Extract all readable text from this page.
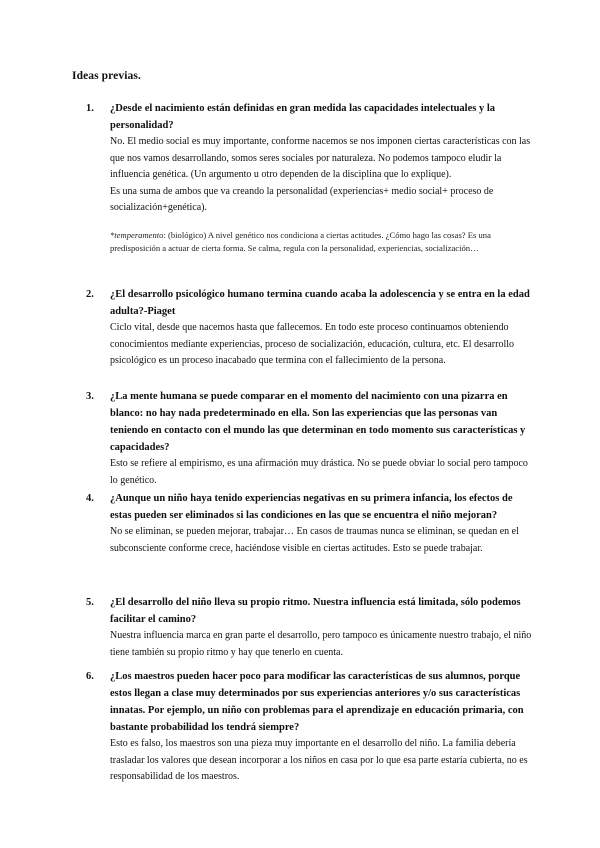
Ideas previas.
1. ¿Desde el nacimiento están definidas en gran medida las capacidades intelectuales y la personalidad?

No. El medio social es muy importante, conforme nacemos se nos imponen ciertas características con las que nos vamos desarrollando, somos seres sociales por naturaleza. No podemos tampoco eludir la influencia genética. (Un argumento u otro dependen de la disciplina que lo explique).

Es una suma de ambos que va creando la personalidad (experiencias+ medio social+ proceso de socialización+genética).

*temperamento: (biológico) A nivel genético nos condiciona a ciertas actitudes. ¿Cómo hago las cosas? Es una predisposición a actuar de cierta forma. Se calma, regula con la personalidad, experiencias, socialización…

2. ¿El desarrollo psicológico humano termina cuando acaba la adolescencia y se entra en la edad adulta?-Piaget

Ciclo vital, desde que nacemos hasta que fallecemos. En todo este proceso continuamos obteniendo conocimientos mediante experiencias, proceso de socialización, educación, cultura, etc. El desarrollo psicológico es un proceso inacabado que termina con el fallecimiento de la persona.

3. ¿La mente humana se puede comparar en el momento del nacimiento con una pizarra en blanco: no hay nada predeterminado en ella. Son las experiencias que las personas van teniendo en contacto con el mundo las que determinan en todo momento sus características y capacidades?

Esto se refiere al empirismo, es una afirmación muy drástica. No se puede obviar lo social pero tampoco lo genético.

4. ¿Aunque un niño haya tenido experiencias negativas en su primera infancia, los efectos de estas pueden ser eliminados si las condiciones en las que se encuentra el niño mejoran?

No se eliminan, se pueden mejorar, trabajar… En casos de traumas nunca se eliminan, se quedan en el subconsciente conforme crece, haciéndose visible en ciertas actitudes. Esto se puede trabajar.

5. ¿El desarrollo del niño lleva su propio ritmo. Nuestra influencia está limitada, sólo podemos facilitar el camino?

Nuestra influencia marca en gran parte el desarrollo, pero tampoco es únicamente nuestro trabajo, el niño tiene también su propio ritmo y hay que tenerlo en cuenta.

6. ¿Los maestros pueden hacer poco para modificar las características de sus alumnos, porque estos llegan a clase muy determinados por sus experiencias anteriores y/o sus características innatas. Por ejemplo, un niño con problemas para el aprendizaje en educación primaria, con bastante probabilidad los tendrá siempre?

Esto es falso, los maestros son una pieza muy importante en el desarrollo del niño. La familia debería trasladar los valores que desean incorporar a los niños en casa por lo que esa parte estaría cubierta, no es responsabilidad de los maestros.
